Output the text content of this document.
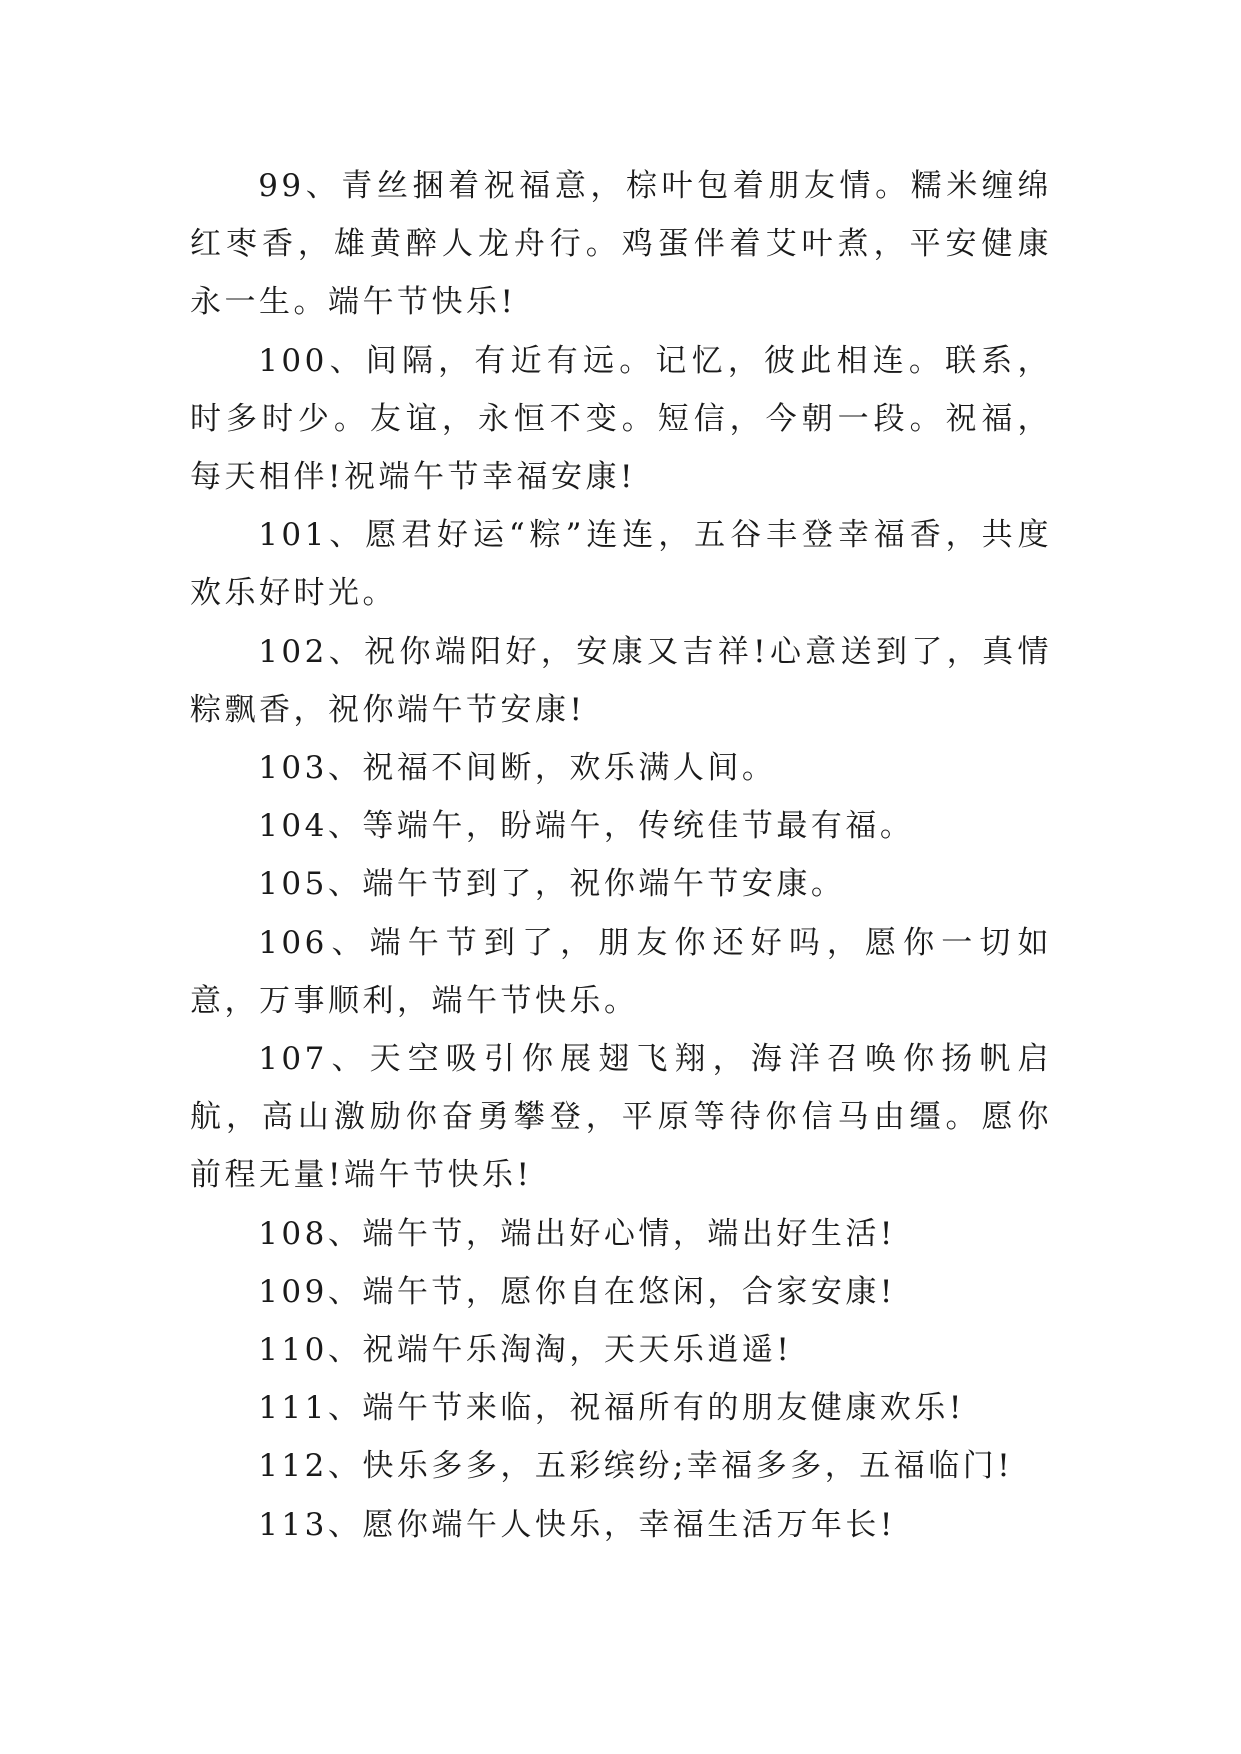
99、青丝捆着祝福意，棕叶包着朋友情。糯米缠绵红枣香，雄黄醉人龙舟行。鸡蛋伴着艾叶煮，平安健康永一生。端午节快乐!

100、间隔，有近有远。记忆，彼此相连。联系，时多时少。友谊，永恒不变。短信，今朝一段。祝福，每天相伴!祝端午节幸福安康!

101、愿君好运“粽”连连，五谷丰登幸福香，共度欢乐好时光。

102、祝你端阳好，安康又吉祥!心意送到了，真情粽飘香，祝你端午节安康!

103、祝福不间断，欢乐满人间。

104、等端午，盼端午，传统佳节最有福。

105、端午节到了，祝你端午节安康。

106、端午节到了，朋友你还好吗，愿你一切如意，万事顺利，端午节快乐。

107、天空吸引你展翅飞翔，海洋召唤你扬帆启航，高山激励你奋勇攀登，平原等待你信马由缰。愿你前程无量!端午节快乐!

108、端午节，端出好心情，端出好生活!

109、端午节，愿你自在悠闲，合家安康!

110、祝端午乐淘淘，天天乐逍遥!

111、端午节来临，祝福所有的朋友健康欢乐!

112、快乐多多，五彩缤纷;幸福多多，五福临门!

113、愿你端午人快乐，幸福生活万年长!
